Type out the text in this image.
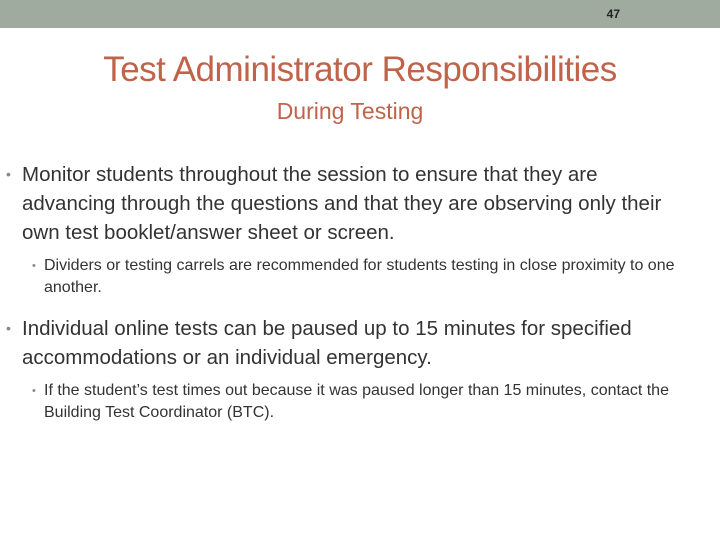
47
Test Administrator Responsibilities
During Testing
• Monitor students throughout the session to ensure that they are advancing through the questions and that they are observing only their own test booklet/answer sheet or screen.
• Dividers or testing carrels are recommended for students testing in close proximity to one another.
• Individual online tests can be paused up to 15 minutes for specified accommodations or an individual emergency.
• If the student’s test times out because it was paused longer than 15 minutes, contact the Building Test Coordinator (BTC).
